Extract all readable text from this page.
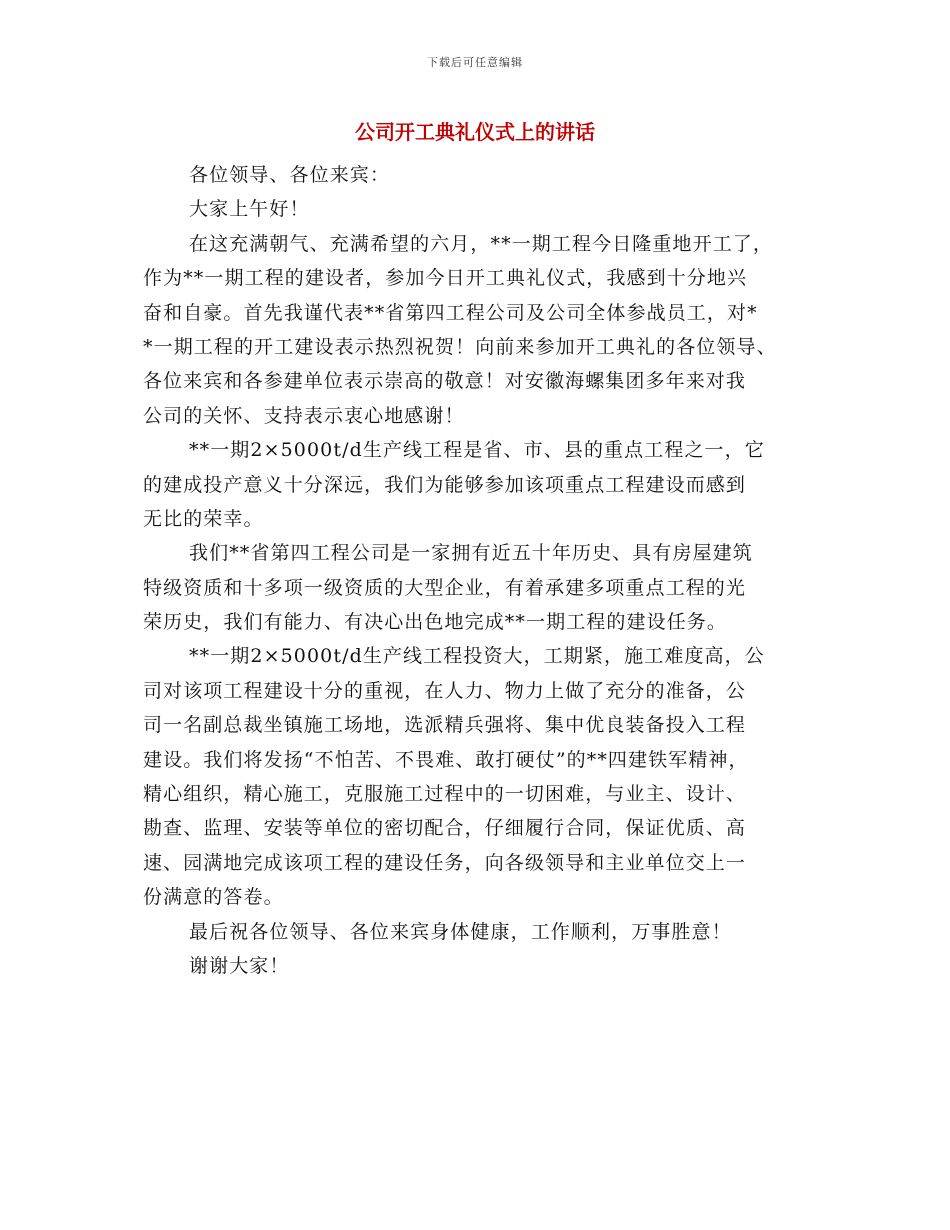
下载后可任意编辑
公司开工典礼仪式上的讲话
各位领导、各位来宾：
大家上午好！
在这充满朝气、充满希望的六月，**一期工程今日隆重地开工了，
作为**一期工程的建设者，参加今日开工典礼仪式，我感到十分地兴
奋和自豪。首先我谨代表**省第四工程公司及公司全体参战员工，对*
*一期工程的开工建设表示热烈祝贺！向前来参加开工典礼的各位领导、
各位来宾和各参建单位表示崇高的敬意！对安徽海螺集团多年来对我
公司的关怀、支持表示衷心地感谢！
**一期2×5000t/d生产线工程是省、市、县的重点工程之一，它
的建成投产意义十分深远，我们为能够参加该项重点工程建设而感到
无比的荣幸。
我们**省第四工程公司是一家拥有近五十年历史、具有房屋建筑
特级资质和十多项一级资质的大型企业，有着承建多项重点工程的光
荣历史，我们有能力、有决心出色地完成**一期工程的建设任务。
**一期2×5000t/d生产线工程投资大，工期紧，施工难度高，公
司对该项工程建设十分的重视，在人力、物力上做了充分的准备，公
司一名副总裁坐镇施工场地，选派精兵强将、集中优良装备投入工程
建设。我们将发扬“不怕苦、不畏难、敢打硬仗”的**四建铁军精神，
精心组织，精心施工，克服施工过程中的一切困难，与业主、设计、
勘查、监理、安装等单位的密切配合，仔细履行合同，保证优质、高
速、园满地完成该项工程的建设任务，向各级领导和主业单位交上一
份满意的答卷。
最后祝各位领导、各位来宾身体健康，工作顺利，万事胜意！
谢谢大家！
